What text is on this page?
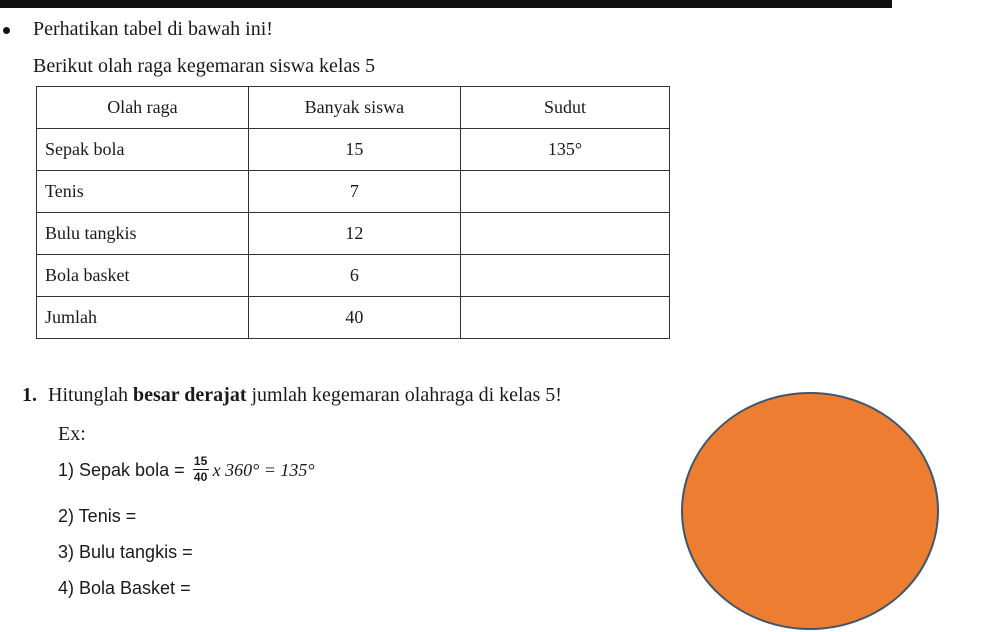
Perhatikan tabel di bawah ini!
Berikut olah raga kegemaran siswa kelas 5
Olah raga	Banyak siswa	Sudut
Sepak bola	15	135°
Tenis	7	
Bulu tangkis	12	
Bola basket	6	
Jumlah	40	
1. Hitunglah besar derajat jumlah kegemaran olahraga di kelas 5!
Ex:
1) Sepak bola = $\frac{15}{40}$ x 360° = 135°
2) Tenis =
3) Bulu tangkis =
4) Bola Basket =
